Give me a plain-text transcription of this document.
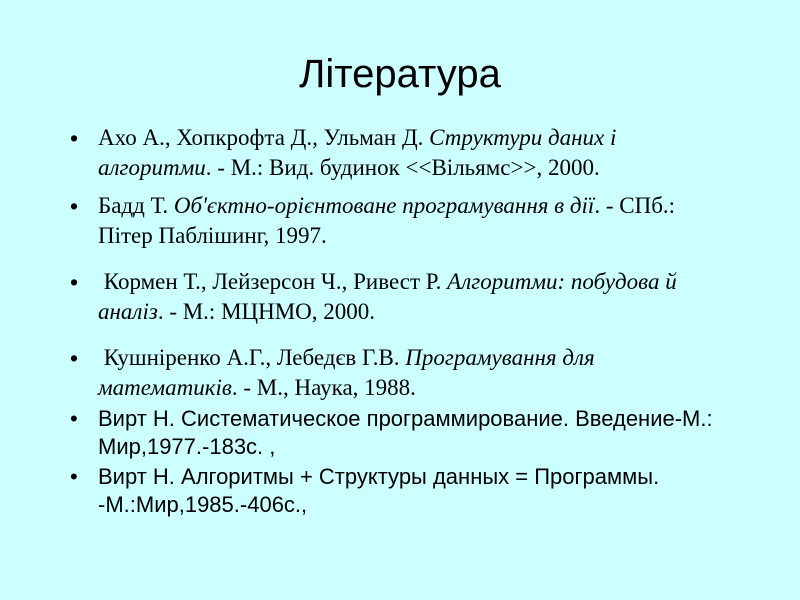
Література
• Ахо А., Хопкрофта Д., Ульман Д. Структури даних і алгоритми. - М.: Вид. будинок <<Вільямс>>, 2000.
• Бадд Т. Об'єктно-орієнтоване програмування в дії. - СПб.: Пітер Паблішинг, 1997.
• Кормен Т., Лейзерсон Ч., Ривест Р. Алгоритми: побудова й аналіз. - М.: МЦНМО, 2000.
• Кушніренко А.Г., Лебедєв Г.В. Програмування для математиків. - М., Наука, 1988.
• Вирт Н. Систематическое программирование. Введение-М.: Мир,1977.-183с. ,
• Вирт Н. Алгоритмы + Структуры данных = Программы. -М.:Мир,1985.-406с.,
